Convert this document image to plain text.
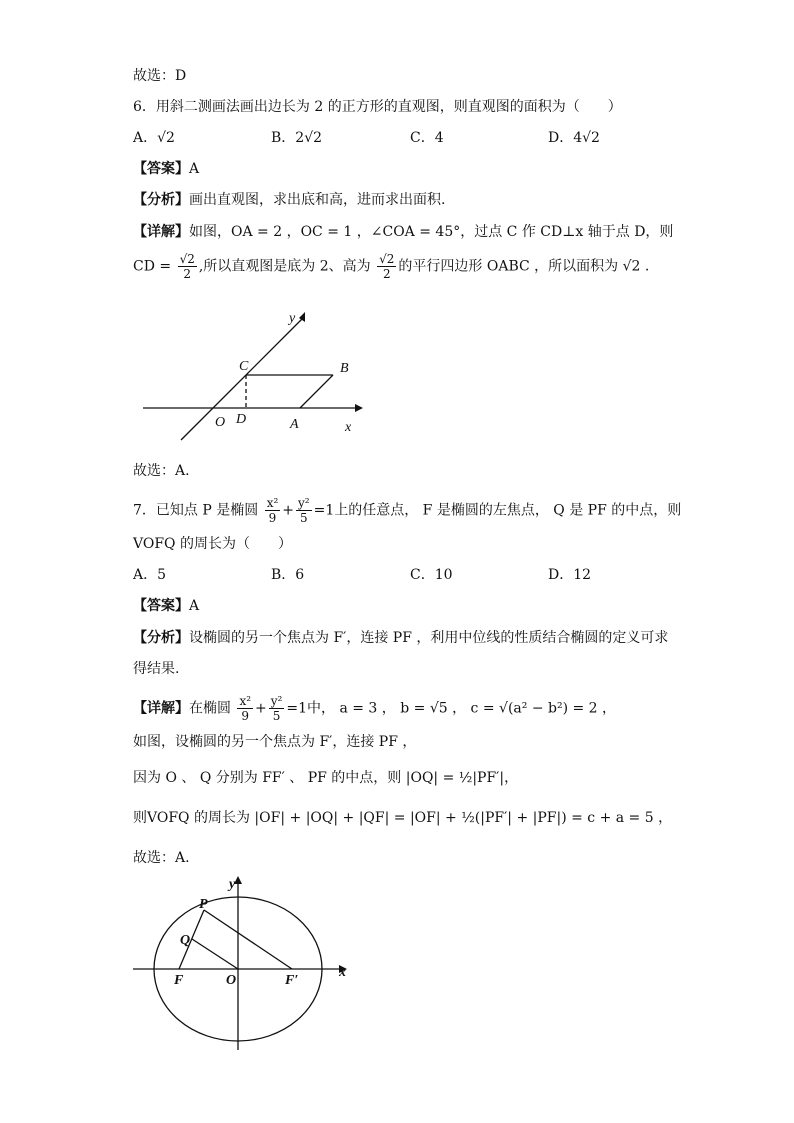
故选：D
6．用斜二测画法画出边长为 2 的正方形的直观图，则直观图的面积为（　　）
A．√2	B．2√2	C．4	D．4√2
【答案】A
【分析】画出直观图，求出底和高，进而求出面积.
【详解】如图，OA = 2 ，OC = 1 ，∠COA = 45°，过点 C 作 CD⊥x 轴于点 D，则
CD = $\frac{√2}{2}$ ,所以直观图是底为 2、高为 $\frac{√2}{2}$ 的平行四边形 OABC ，所以面积为 √2 .
y
x
C	B
O D	A
故选：A.
7．已知点 P 是椭圆 $\frac{\text{x²}}{9} + \frac{\text{y²}}{5} =1$上的任意点， F 是椭圆的左焦点， Q 是 PF 的中点，则
VOFQ 的周长为（　　）
A．5	B．6	C．10	D．12
【答案】A
【分析】设椭圆的另一个焦点为 F′，连接 PF ，利用中位线的性质结合椭圆的定义可求
得结果.
【详解】在椭圆 $\frac{\text{x²}}{9} + \frac{\text{y²}}{5} =1$中， a = 3 ， b = √5 ， c = √(a² − b²) = 2 ，
如图，设椭圆的另一个焦点为 F′，连接 PF ，
因为 O 、 Q 分别为 FF′ 、 PF 的中点，则 |OQ| = ½|PF′|，
则VOFQ 的周长为 |OF| + |OQ| + |QF| = |OF| + ½(|PF′| + |PF|) = c + a = 5 ，
故选：A.
y
x
P
Q
F	O	F′
